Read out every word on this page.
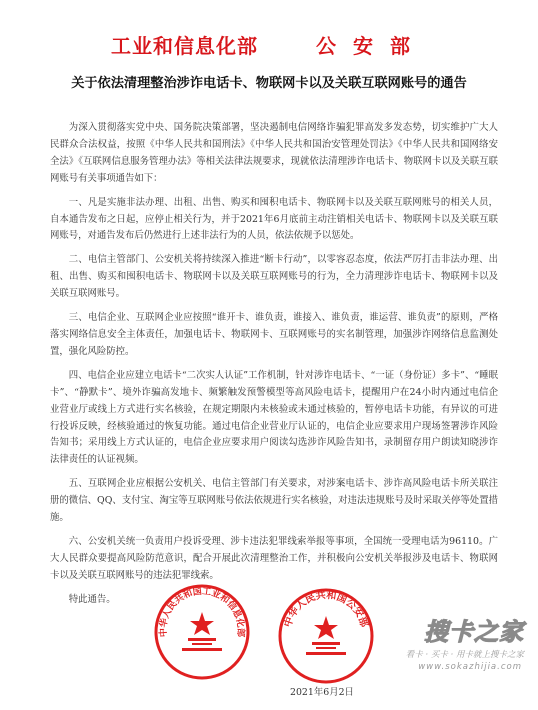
工业和信息化部	公安部
关于依法清理整治涉诈电话卡、物联网卡以及关联互联网账号的通告

为深入贯彻落实党中央、国务院决策部署，坚决遏制电信网络诈骗犯罪高发多发态势，切实维护广大人民群众合法权益，按照《中华人民共和国刑法》《中华人民共和国治安管理处罚法》《中华人民共和国网络安全法》《互联网信息服务管理办法》等相关法律法规要求，现就依法清理涉诈电话卡、物联网卡以及关联互联网账号有关事项通告如下：

一、凡是实施非法办理、出租、出售、购买和囤积电话卡、物联网卡以及关联互联网账号的相关人员，自本通告发布之日起，应停止相关行为，并于2021年6月底前主动注销相关电话卡、物联网卡以及关联互联网账号，对通告发布后仍然进行上述非法行为的人员，依法依规予以惩处。

二、电信主管部门、公安机关将持续深入推进“断卡行动”，以零容忍态度，依法严厉打击非法办理、出租、出售、购买和囤积电话卡、物联网卡以及关联互联网账号的行为，全力清理涉诈电话卡、物联网卡以及关联互联网账号。

三、电信企业、互联网企业应按照“谁开卡、谁负责，谁接入、谁负责，谁运营、谁负责”的原则，严格落实网络信息安全主体责任，加强电话卡、物联网卡、互联网账号的实名制管理，加强涉诈网络信息监测处置，强化风险防控。

四、电信企业应建立电话卡“二次实人认证”工作机制，针对涉诈电话卡、“一证（身份证）多卡”、“睡眠卡”、“静默卡”、境外诈骗高发地卡、频繁触发预警模型等高风险电话卡，提醒用户在24小时内通过电信企业营业厅或线上方式进行实名核验，在规定期限内未核验或未通过核验的，暂停电话卡功能，有异议的可进行投诉反映，经核验通过的恢复功能。通过电信企业营业厅认证的，电信企业应要求用户现场签署涉诈风险告知书；采用线上方式认证的，电信企业应要求用户阅读勾选涉诈风险告知书，录制留存用户朗读知晓涉诈法律责任的认证视频。

五、互联网企业应根据公安机关、电信主管部门有关要求，对涉案电话卡、涉诈高风险电话卡所关联注册的微信、QQ、支付宝、淘宝等互联网账号依法依规进行实名核验，对违法违规账号及时采取关停等处置措施。

六、公安机关统一负责用户投诉受理、涉卡违法犯罪线索举报等事项，全国统一受理电话为96110。广大人民群众要提高风险防范意识，配合开展此次清理整治工作，并积极向公安机关举报涉及电话卡、物联网卡以及关联互联网账号的违法犯罪线索。

特此通告。

中华人民共和国工业和信息化部
中华人民共和国公安部
2021年6月2日
搜卡之家
看卡 · 买卡 · 用卡就上搜卡之家
www.sokazhijia.com
